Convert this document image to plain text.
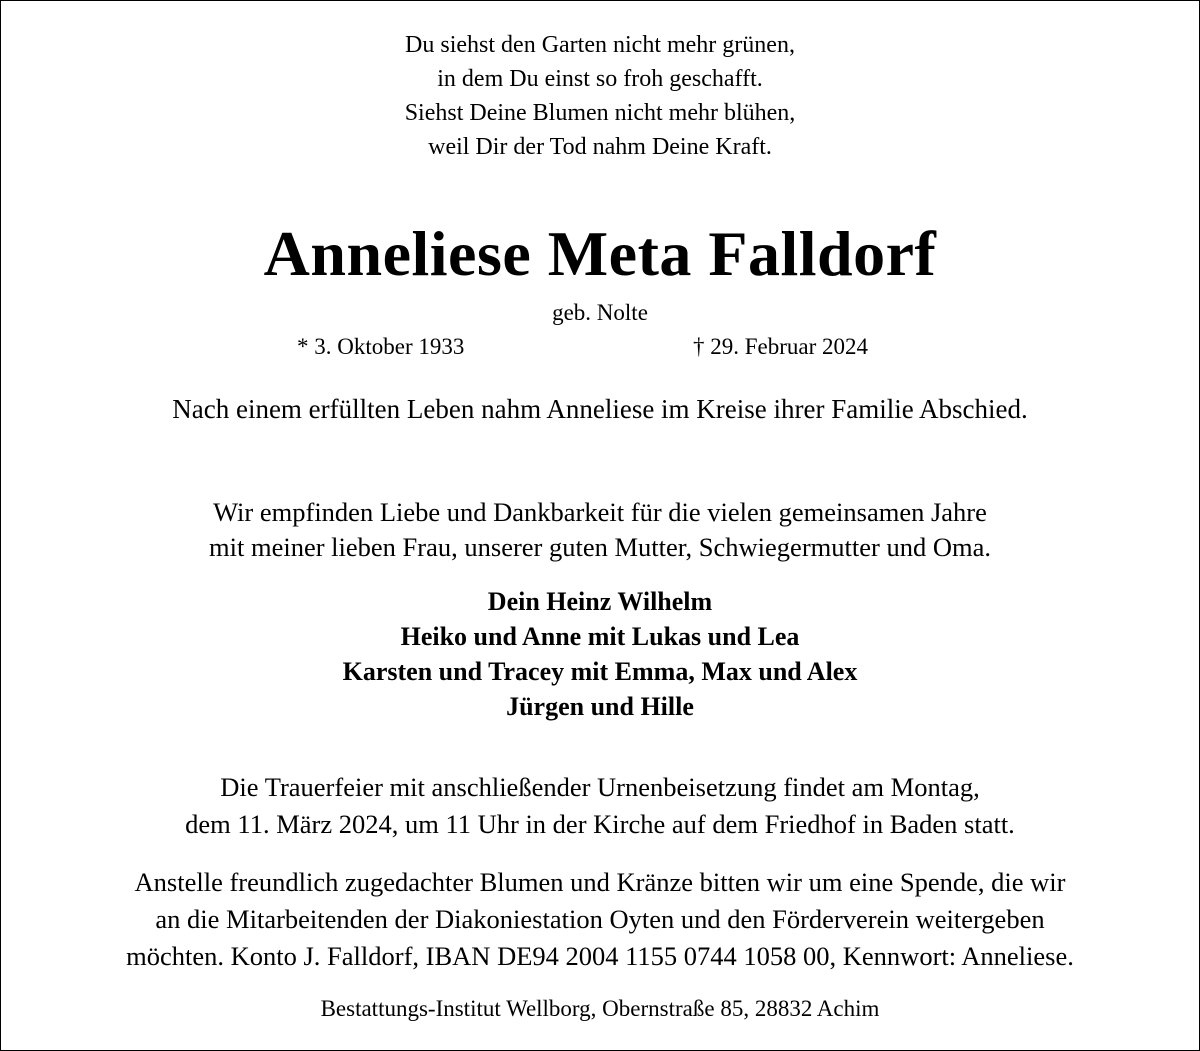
Du siehst den Garten nicht mehr grünen,
in dem Du einst so froh geschafft.
Siehst Deine Blumen nicht mehr blühen,
weil Dir der Tod nahm Deine Kraft.
Anneliese Meta Falldorf
geb. Nolte
* 3. Oktober 1933	† 29. Februar 2024
Nach einem erfüllten Leben nahm Anneliese im Kreise ihrer Familie Abschied.
Wir empfinden Liebe und Dankbarkeit für die vielen gemeinsamen Jahre
mit meiner lieben Frau, unserer guten Mutter, Schwiegermutter und Oma.
Dein Heinz Wilhelm
Heiko und Anne mit Lukas und Lea
Karsten und Tracey mit Emma, Max und Alex
Jürgen und Hille
Die Trauerfeier mit anschließender Urnenbeisetzung findet am Montag,
dem 11. März 2024, um 11 Uhr in der Kirche auf dem Friedhof in Baden statt.
Anstelle freundlich zugedachter Blumen und Kränze bitten wir um eine Spende, die wir
an die Mitarbeitenden der Diakoniestation Oyten und den Förderverein weitergeben
möchten. Konto J. Falldorf, IBAN DE94 2004 1155 0744 1058 00, Kennwort: Anneliese.
Bestattungs-Institut Wellborg, Obernstraße 85, 28832 Achim
